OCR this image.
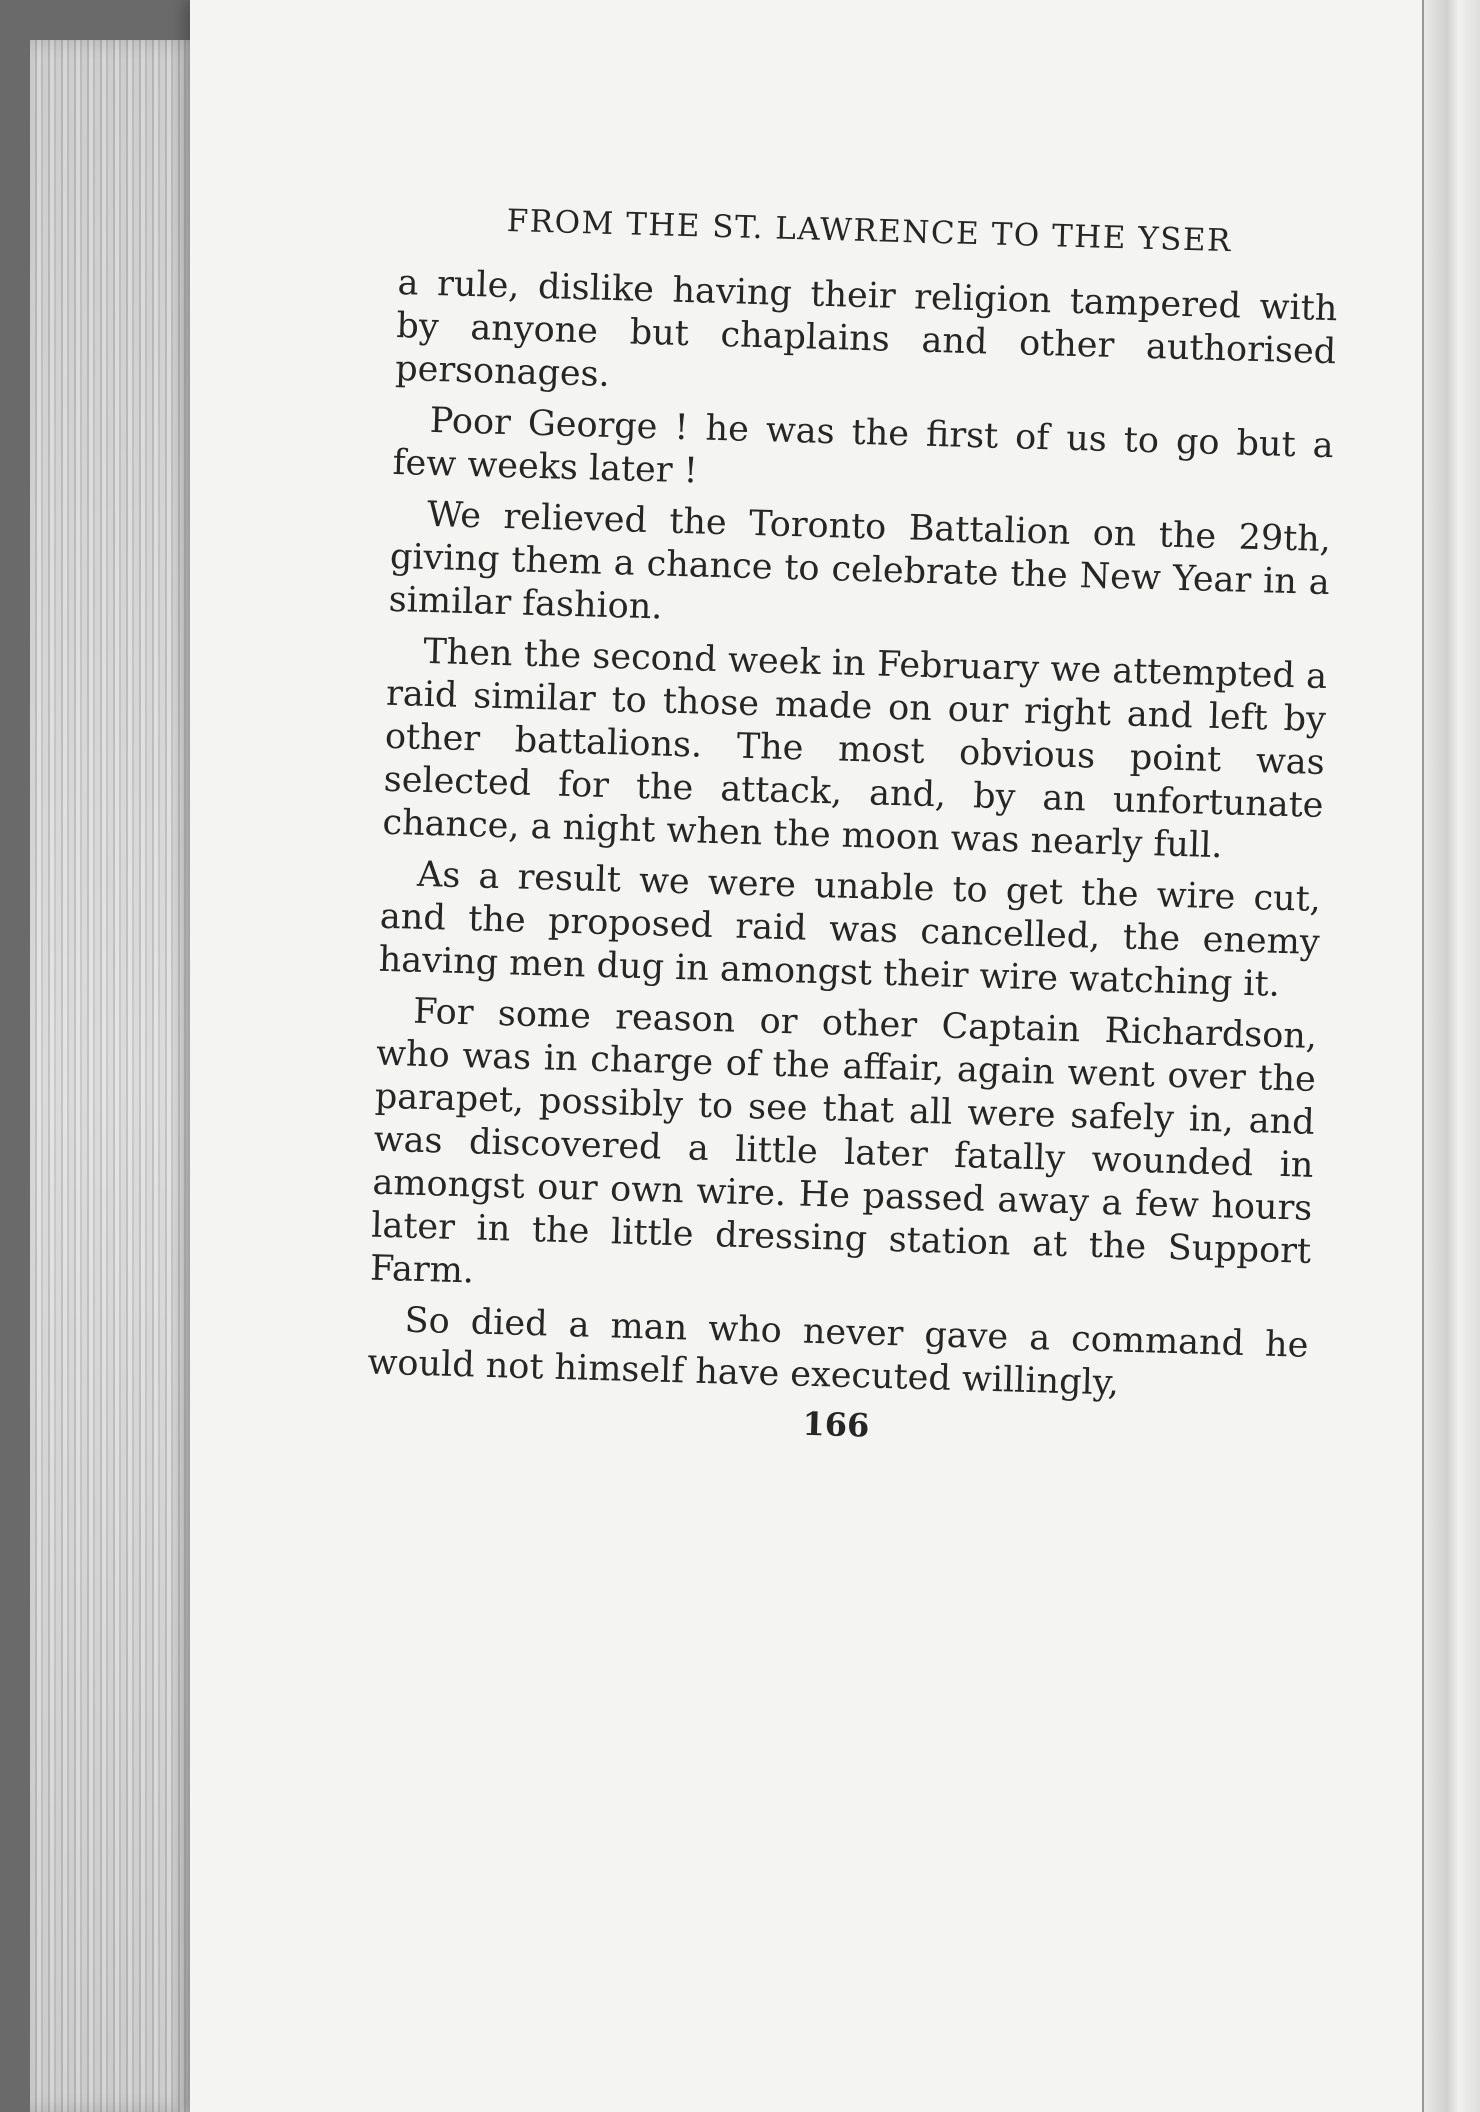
FROM THE ST. LAWRENCE TO THE YSER

a rule, dislike having their religion tampered with by anyone but chaplains and other authorised personages.

Poor George ! he was the first of us to go but a few weeks later !

We relieved the Toronto Battalion on the 29th, giving them a chance to celebrate the New Year in a similar fashion.

Then the second week in February we attempted a raid similar to those made on our right and left by other battalions. The most obvious point was selected for the attack, and, by an unfortunate chance, a night when the moon was nearly full.

As a result we were unable to get the wire cut, and the proposed raid was cancelled, the enemy having men dug in amongst their wire watching it.

For some reason or other Captain Richardson, who was in charge of the affair, again went over the parapet, possibly to see that all were safely in, and was discovered a little later fatally wounded in amongst our own wire. He passed away a few hours later in the little dressing station at the Support Farm.

So died a man who never gave a command he would not himself have executed willingly,

166
